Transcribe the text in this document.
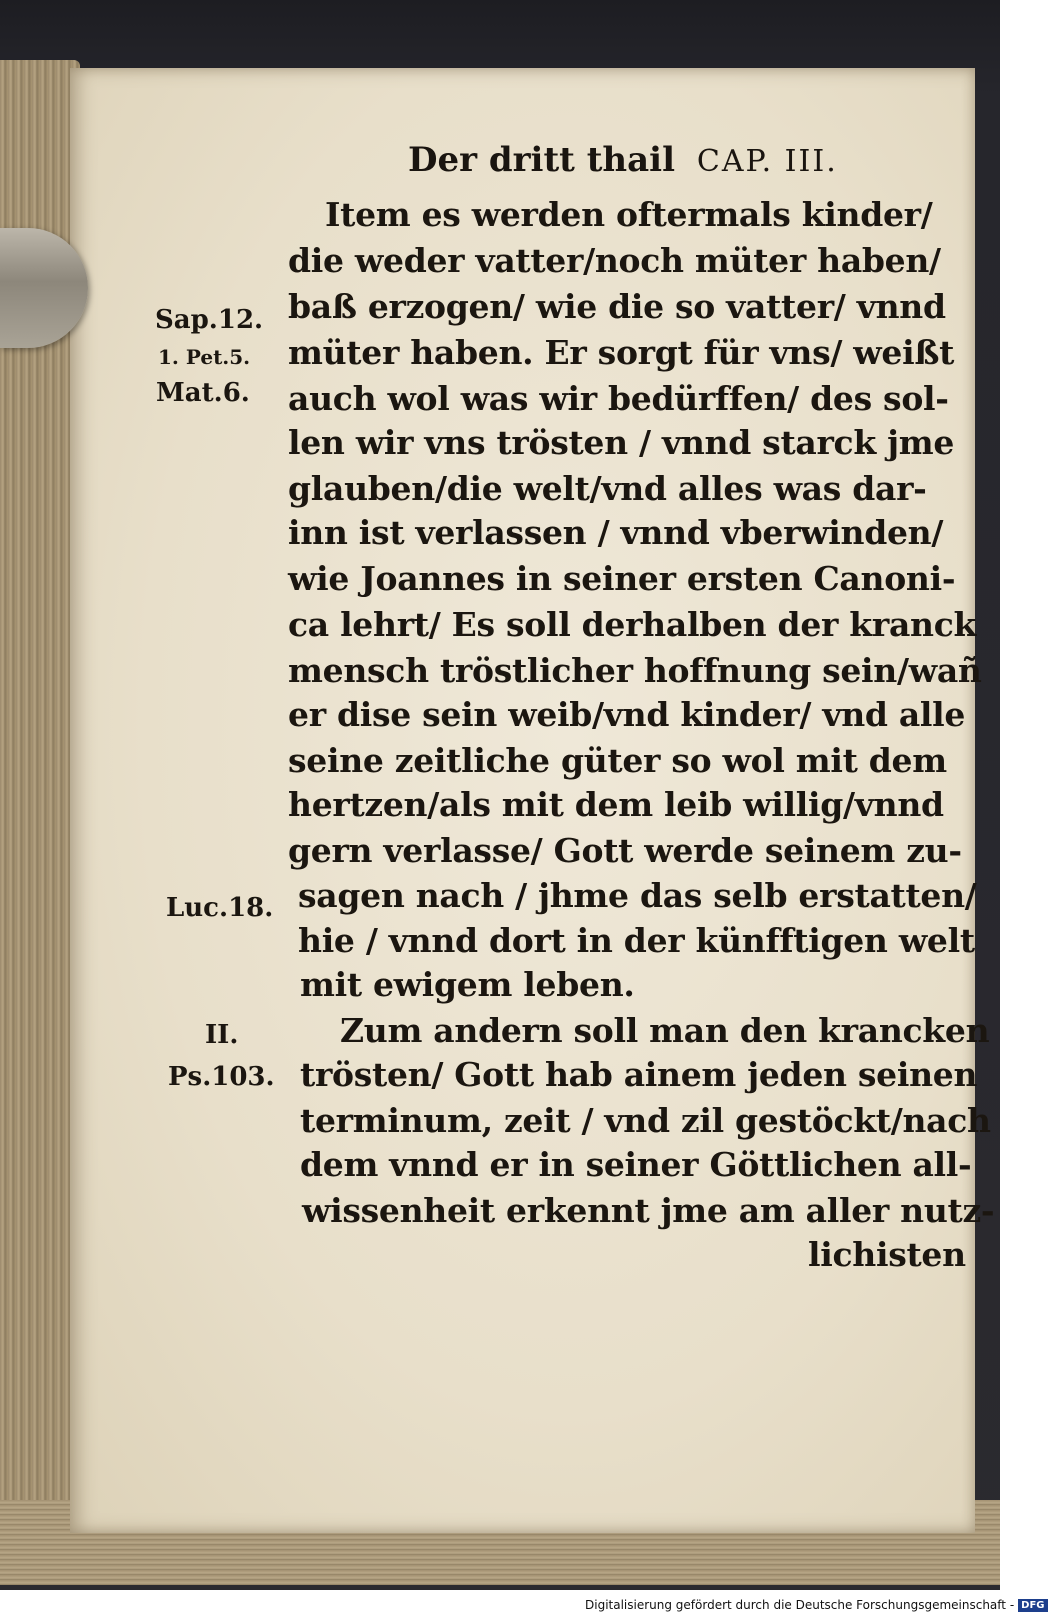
Der dritt thail CAP. III.
Sap.12.
1. Pet.5.
Mat.6.
Luc.18.
II.
Ps.103.
Item es werden oftermals kinder/
die weder vatter/noch müter haben/
baß erzogen/ wie die so vatter/ vnnd
müter haben. Er sorgt für vns/ weißt
auch wol was wir bedürffen/ des sol-
len wir vns trösten / vnnd starck jme
glauben/die welt/vnd alles was dar-
inn ist verlassen / vnnd vberwinden/
wie Joannes in seiner ersten Canoni-
ca lehrt/ Es soll derhalben der kranck
mensch tröstlicher hoffnung sein/wañ
er dise sein weib/vnd kinder/ vnd alle
seine zeitliche güter so wol mit dem
hertzen/als mit dem leib willig/vnnd
gern verlasse/ Gott werde seinem zu-
sagen nach / jhme das selb erstatten/
hie / vnnd dort in der künfftigen welt
mit ewigem leben.
Zum andern soll man den krancken
trösten/ Gott hab ainem jeden seinen
terminum, zeit / vnd zil gestöckt/nach
dem vnnd er in seiner Göttlichen all-
wissenheit erkennt jme am aller nutz-
lichisten
Digitalisierung gefördert durch die Deutsche Forschungsgemeinschaft - DFG
